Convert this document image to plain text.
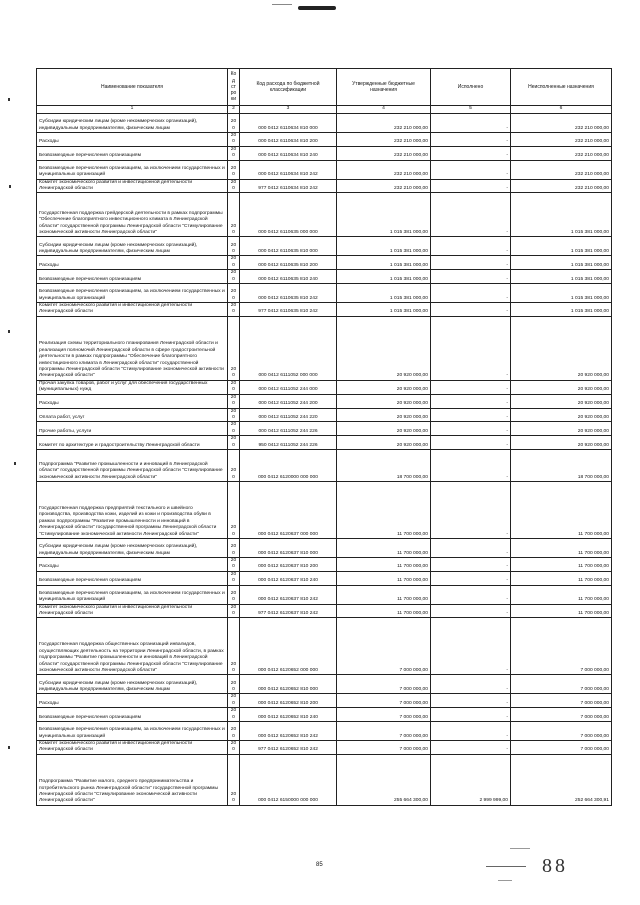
Наименование показателя	Код стро ки	Код расхода по бюджетной классификации	Утвержденные бюджетные назначения	Исполнено	Неисполненные назначения
1	2	3	4	5	6
Субсидии юридическим лицам (кроме некоммерческих организаций), индивидуальным предпринимателям, физическим лицам	200	000 0412 6110634 810 000	232 210 000,00	-	232 210 000,00
Расходы	200	000 0412 6110634 810 200	232 210 000,00	-	232 210 000,00
Безвозмездные перечисления организациям	200	000 0412 6110634 810 240	232 210 000,00	-	232 210 000,00
Безвозмездные перечисления организациям, за исключением государственных и муниципальных организаций	200	000 0412 6110634 810 242	232 210 000,00	-	232 210 000,00
Комитет экономического развития и инвестиционной деятельности Ленинградской области	200	977 0412 6110634 810 242	232 210 000,00	-	232 210 000,00
Государственная поддержка грейдерской деятельности в рамках подпрограммы "Обеспечение благоприятного инвестиционного климата в Ленинградской области" государственной программы Ленинградской области "Стимулирование экономической активности Ленинградской области"	200	000 0412 6110635 000 000	1 015 381 000,00	-	1 015 381 000,00
Субсидии юридическим лицам (кроме некоммерческих организаций), индивидуальным предпринимателям, физическим лицам	200	000 0412 6110635 810 000	1 015 381 000,00	-	1 015 381 000,00
Расходы	200	000 0412 6110635 810 200	1 015 381 000,00	-	1 015 381 000,00
Безвозмездные перечисления организациям	200	000 0412 6110635 810 240	1 015 381 000,00	-	1 015 381 000,00
Безвозмездные перечисления организациям, за исключением государственных и муниципальных организаций	200	000 0412 6110635 810 242	1 015 381 000,00	-	1 015 381 000,00
Комитет экономического развития и инвестиционной деятельности Ленинградской области	200	977 0412 6110635 810 242	1 015 381 000,00	-	1 015 381 000,00
Реализация схемы территориального планирования Ленинградской области и реализация полномочий Ленинградской области в сфере градостроительной деятельности в рамках подпрограммы "Обеспечение благоприятного инвестиционного климата в Ленинградской области" государственной программы Ленинградской области "Стимулирование экономической активности Ленинградской области"	200	000 0412 6111052 000 000	20 920 000,00	-	20 920 000,00
Прочая закупка товаров, работ и услуг для обеспечения государственных (муниципальных) нужд	200	000 0412 6111052 244 000	20 920 000,00	-	20 920 000,00
Расходы	200	000 0412 6111052 244 200	20 920 000,00	-	20 920 000,00
Оплата работ, услуг	200	000 0412 6111052 244 220	20 920 000,00	-	20 920 000,00
Прочие работы, услуги	200	000 0412 6111052 244 226	20 920 000,00	-	20 920 000,00
Комитет по архитектуре и градостроительству Ленинградской области	200	950 0412 6111052 244 226	20 920 000,00	-	20 920 000,00
Подпрограмма "Развитие промышленности и инноваций в Ленинградской области" государственной программы Ленинградской области "Стимулирование экономической активности Ленинградской области"	200	000 0412 6120000 000 000	18 700 000,00	-	18 700 000,00
Государственная поддержка предприятий текстильного и швейного производства, производства кожи, изделий из кожи и производства обуви в рамках подпрограммы "Развитие промышленности и инноваций в Ленинградской области" государственной программы Ленинградской области "Стимулирование экономической активности Ленинградской области"	200	000 0412 6120637 000 000	11 700 000,00	-	11 700 000,00
Субсидии юридическим лицам (кроме некоммерческих организаций), индивидуальным предпринимателям, физическим лицам	200	000 0412 6120637 810 000	11 700 000,00	-	11 700 000,00
Расходы	200	000 0412 6120637 810 200	11 700 000,00	-	11 700 000,00
Безвозмездные перечисления организациям	200	000 0412 6120637 810 240	11 700 000,00	-	11 700 000,00
Безвозмездные перечисления организациям, за исключением государственных и муниципальных организаций	200	000 0412 6120637 810 242	11 700 000,00	-	11 700 000,00
Комитет экономического развития и инвестиционной деятельности Ленинградской области	200	977 0412 6120637 810 242	11 700 000,00	-	11 700 000,00
Государственная поддержка общественных организаций инвалидов, осуществляющих деятельность на территории Ленинградской области, в рамках подпрограммы "Развитие промышленности и инноваций в Ленинградской области" государственной программы Ленинградской области "Стимулирование экономической активности Ленинградской области"	200	000 0412 6120652 000 000	7 000 000,00	-	7 000 000,00
Субсидии юридическим лицам (кроме некоммерческих организаций), индивидуальным предпринимателям, физическим лицам	200	000 0412 6120652 810 000	7 000 000,00	-	7 000 000,00
Расходы	200	000 0412 6120652 810 200	7 000 000,00	-	7 000 000,00
Безвозмездные перечисления организациям	200	000 0412 6120652 810 240	7 000 000,00	-	7 000 000,00
Безвозмездные перечисления организациям, за исключением государственных и муниципальных организаций	200	000 0412 6120652 810 242	7 000 000,00	-	7 000 000,00
Комитет экономического развития и инвестиционной деятельности Ленинградской области	200	977 0412 6120652 810 242	7 000 000,00	-	7 000 000,00
Подпрограмма "Развитие малого, среднего предпринимательства и потребительского рынка Ленинградской области" государственной программы Ленинградской области "Стимулирование экономической активности Ленинградской области"	200	000 0412 6150000 000 000	255 664 300,00	2 999 999,00	252 664 300,91
85	88
